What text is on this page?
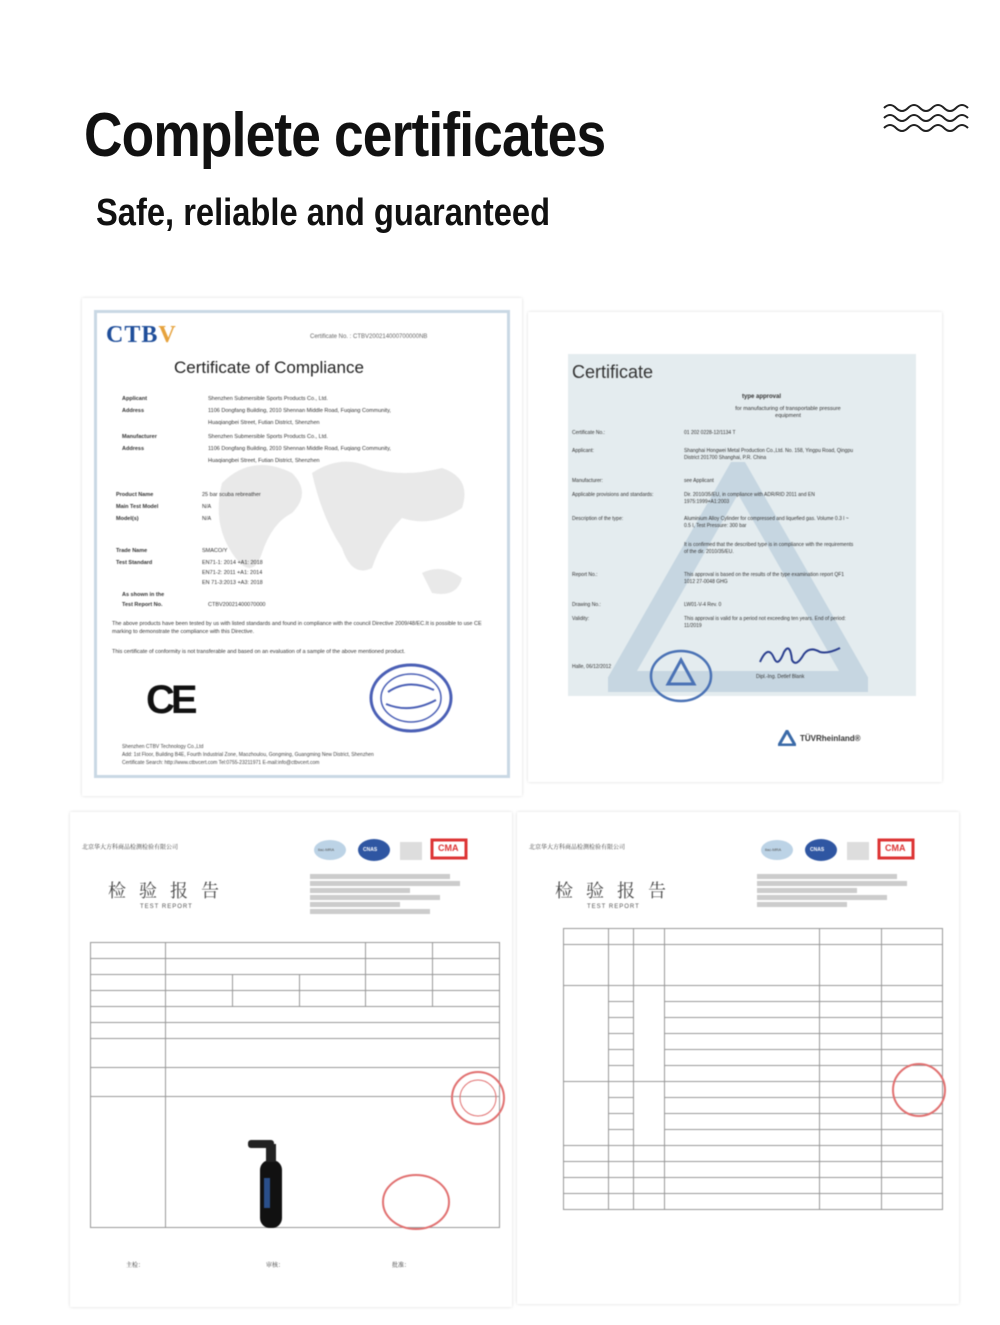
Complete certificates
Safe, reliable and guaranteed
CTBV	Certificate No. : CTBV200214000700000NB
Certificate of Compliance
Applicant	Shenzhen Submersible Sports Products Co., Ltd.
Address	1106 Dongfang Building, 2010 Shennan Middle Road, Fuqiang Community,
Huaqiangbei Street, Futian District, Shenzhen
Manufacturer	Shenzhen Submersible Sports Products Co., Ltd.
Address	1106 Dongfang Building, 2010 Shennan Middle Road, Fuqiang Community,
Huaqiangbei Street, Futian District, Shenzhen
Product Name	25 bar scuba rebreather
Main Test Model	N/A
Model(s)	N/A
Trade Name	SMACO/Y
Test Standard	EN71-1: 2014 +A1: 2018
EN71-2: 2011 +A1: 2014
EN 71-3:2013 +A3: 2018
As shown in the
Test Report No.	CTBV20021400070000
The above products have been tested by us with listed standards and found in compliance with the council Directive 2009/48/EC.It is possible to use CE marking to demonstrate the compliance with this Directive.
This certificate of conformity is not transferable and based on an evaluation of a sample of the above mentioned product.
CE
Shenzhen CTBV Technology Co.,Ltd
Add: 1st Floor, Building B4E, Fourth Industrial Zone, Maozhoulou, Gongming, Guangming New District, Shenzhen
Certificate Search: http://www.ctbvcert.com Tel:0755-23211971 E-mail:info@ctbvcert.com
Certificate
type approval
for manufacturing of transportable pressure equipment
Certificate No.:	01 202 0228-12/1134 T
Applicant:	Shanghai Hongwei Metal Production Co.,Ltd. No. 158, Yingpu Road, Qingpu District 201700 Shanghai, P.R. China
Manufacturer:	see Applicant
Applicable provisions and standards:	Dir. 2010/35/EU, in compliance with ADR/RID 2011 and EN 1975:1999+A1:2003
Description of the type:	Aluminium Alloy Cylinder for compressed and liquefied gas. Volume 0.3 l ~ 0.5 l, Test Pressure: 300 bar
It is confirmed that the described type is in compliance with the requirements of the dir. 2010/35/EU.
Report No.:	This approval is based on the results of the type examination report QF1 1012 27-0048 GHG
Drawing No.:	LW01-V-4 Rev. 0
Validity:	This approval is valid for a period not exceeding ten years. End of period: 11/2019
Halle, 06/12/2012
Dipl.-Ing. Detlef Blank
TÜVRheinland®
北京华大方科商品检测检验有限公司
检 验 报 告
TEST REPORT
ilac-MRA	CNAS	CMA

主检：	审核：	批准：
北京华大方科商品检测检验有限公司
检 验 报 告
TEST REPORT
ilac-MRA	CNAS	CMA
